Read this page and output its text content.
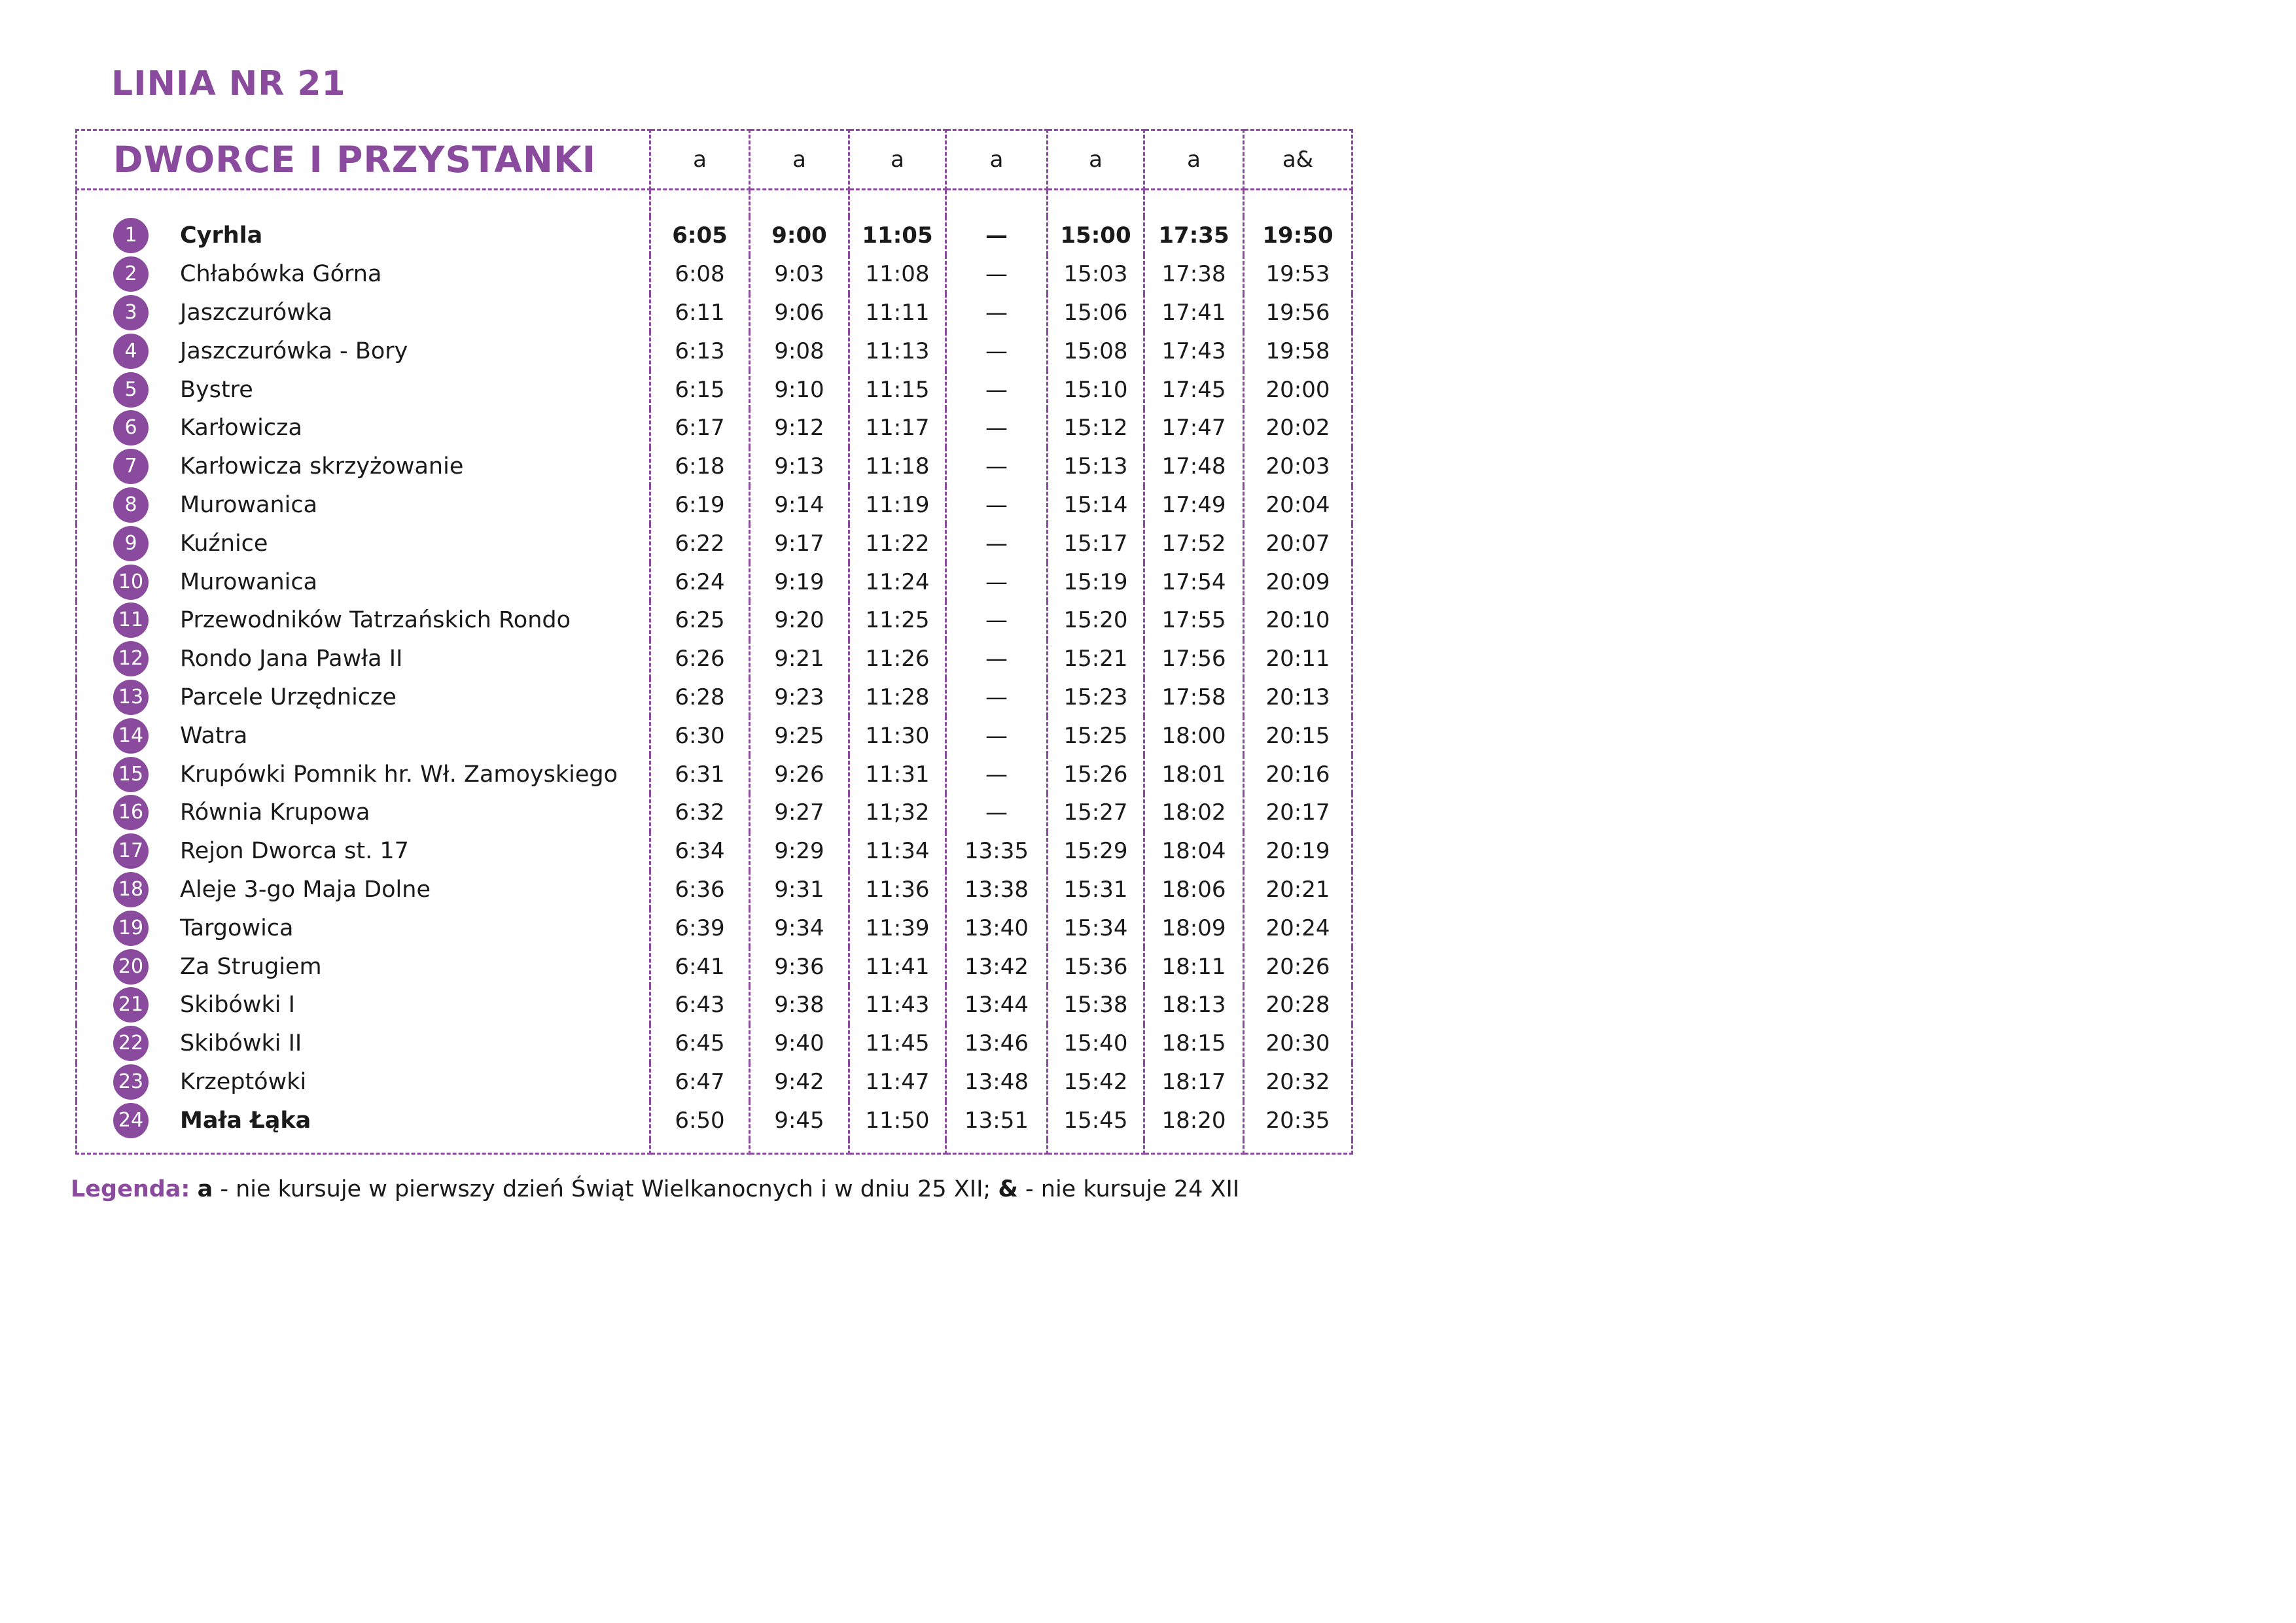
LINIA NR 21
DWORCE I PRZYSTANKI	a	a	a	a	a	a	a&

1 Cyrhla	6:05	9:00	11:05	—	15:00	17:35	19:50
2 Chłabówka Górna	6:08	9:03	11:08	—	15:03	17:38	19:53
3 Jaszczurówka	6:11	9:06	11:11	—	15:06	17:41	19:56
4 Jaszczurówka - Bory	6:13	9:08	11:13	—	15:08	17:43	19:58
5 Bystre	6:15	9:10	11:15	—	15:10	17:45	20:00
6 Karłowicza	6:17	9:12	11:17	—	15:12	17:47	20:02
7 Karłowicza skrzyżowanie	6:18	9:13	11:18	—	15:13	17:48	20:03
8 Murowanica	6:19	9:14	11:19	—	15:14	17:49	20:04
9 Kuźnice	6:22	9:17	11:22	—	15:17	17:52	20:07
10 Murowanica	6:24	9:19	11:24	—	15:19	17:54	20:09
11 Przewodników Tatrzańskich Rondo	6:25	9:20	11:25	—	15:20	17:55	20:10
12 Rondo Jana Pawła II	6:26	9:21	11:26	—	15:21	17:56	20:11
13 Parcele Urzędnicze	6:28	9:23	11:28	—	15:23	17:58	20:13
14 Watra	6:30	9:25	11:30	—	15:25	18:00	20:15
15 Krupówki Pomnik hr. Wł. Zamoyskiego	6:31	9:26	11:31	—	15:26	18:01	20:16
16 Równia Krupowa	6:32	9:27	11;32	—	15:27	18:02	20:17
17 Rejon Dworca st. 17	6:34	9:29	11:34	13:35	15:29	18:04	20:19
18 Aleje 3-go Maja Dolne	6:36	9:31	11:36	13:38	15:31	18:06	20:21
19 Targowica	6:39	9:34	11:39	13:40	15:34	18:09	20:24
20 Za Strugiem	6:41	9:36	11:41	13:42	15:36	18:11	20:26
21 Skibówki I	6:43	9:38	11:43	13:44	15:38	18:13	20:28
22 Skibówki II	6:45	9:40	11:45	13:46	15:40	18:15	20:30
23 Krzeptówki	6:47	9:42	11:47	13:48	15:42	18:17	20:32
24 Mała Łąka	6:50	9:45	11:50	13:51	15:45	18:20	20:35

Legenda: a - nie kursuje w pierwszy dzień Świąt Wielkanocnych i w dniu 25 XII; & - nie kursuje 24 XII
